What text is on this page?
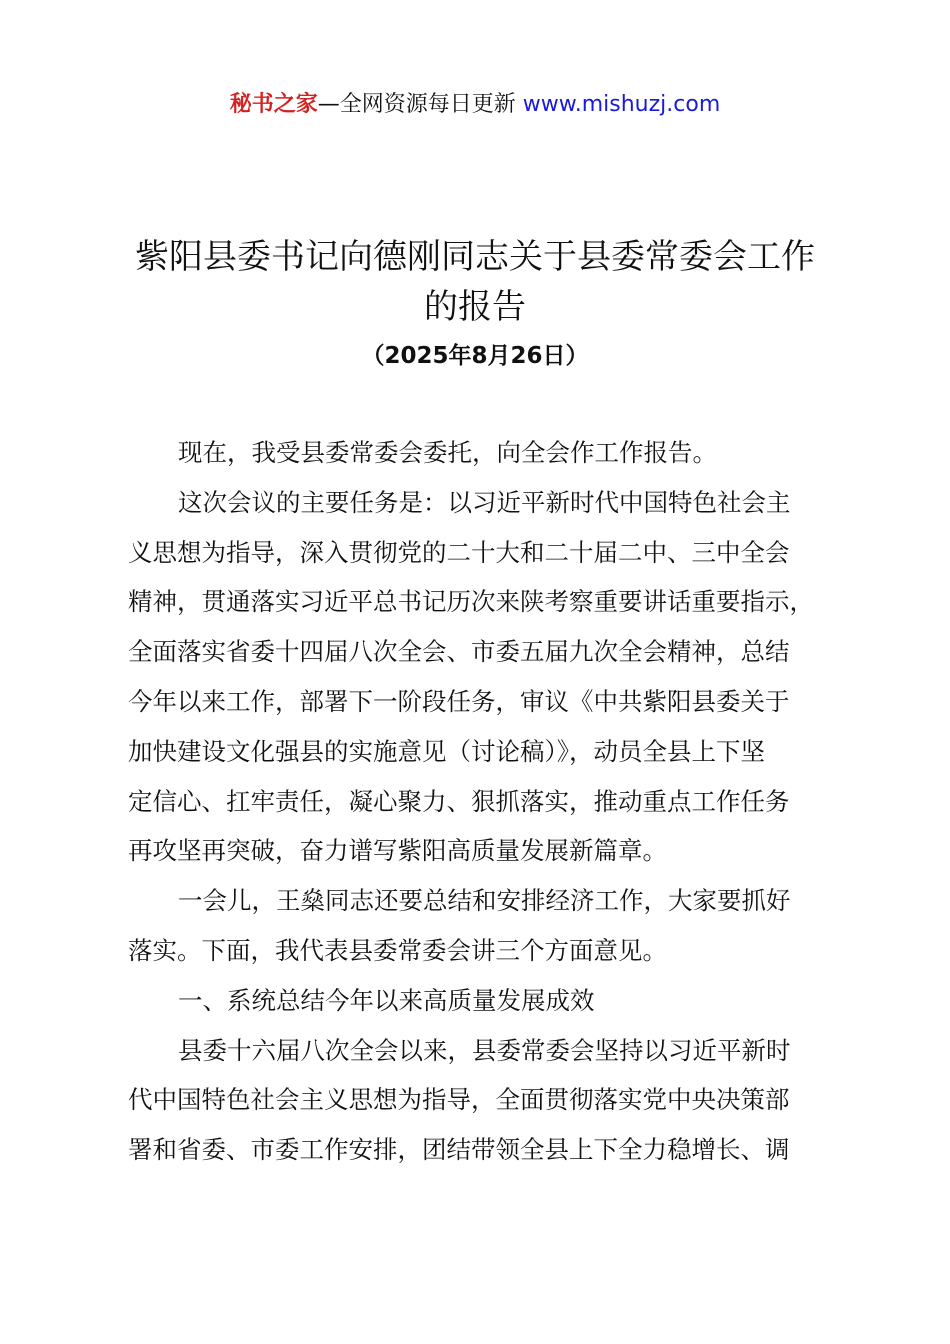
秘书之家—全网资源每日更新 www.mishuzj.com
紫阳县委书记向德刚同志关于县委常委会工作
的报告
（2025年8月26日）
现在，我受县委常委会委托，向全会作工作报告。
这次会议的主要任务是：以习近平新时代中国特色社会主
义思想为指导，深入贯彻党的二十大和二十届二中、三中全会
精神，贯通落实习近平总书记历次来陕考察重要讲话重要指示，
全面落实省委十四届八次全会、市委五届九次全会精神，总结
今年以来工作，部署下一阶段任务，审议《中共紫阳县委关于
加快建设文化强县的实施意见（讨论稿）》，动员全县上下坚
定信心、扛牢责任，凝心聚力、狠抓落实，推动重点工作任务
再攻坚再突破，奋力谱写紫阳高质量发展新篇章。
一会儿，王燊同志还要总结和安排经济工作，大家要抓好
落实。下面，我代表县委常委会讲三个方面意见。
一、系统总结今年以来高质量发展成效
县委十六届八次全会以来，县委常委会坚持以习近平新时
代中国特色社会主义思想为指导，全面贯彻落实党中央决策部
署和省委、市委工作安排，团结带领全县上下全力稳增长、调
